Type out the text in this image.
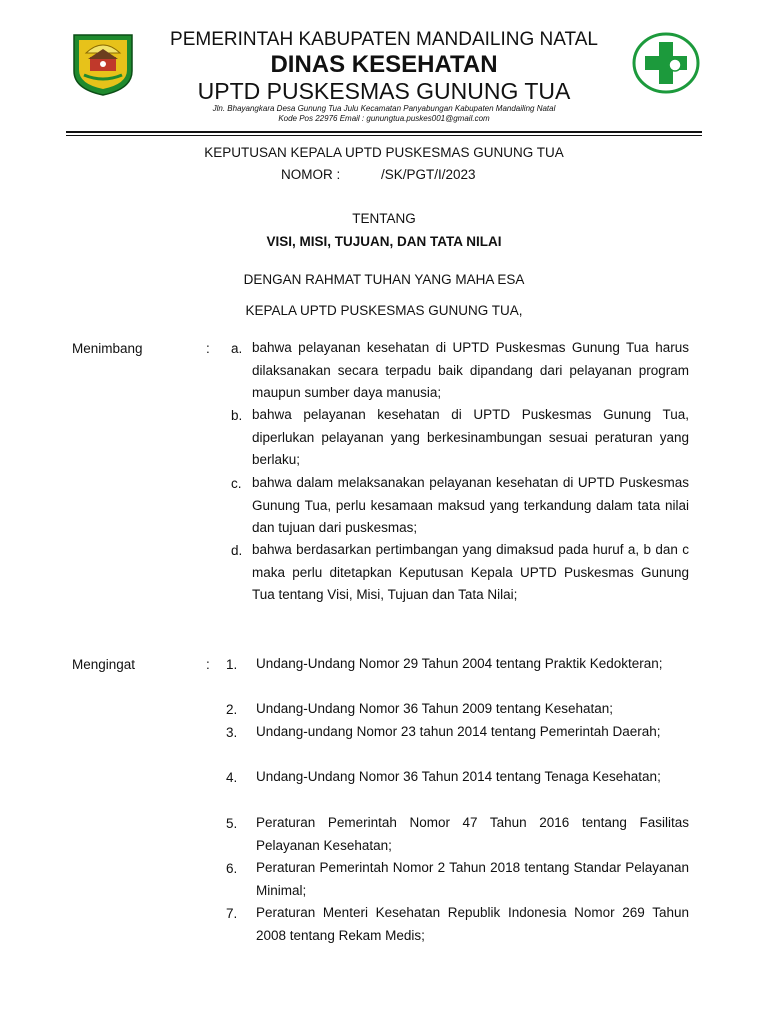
PEMERINTAH KABUPATEN MANDAILING NATAL
DINAS KESEHATAN
UPTD PUSKESMAS GUNUNG TUA
Jln. Bhayangkara Desa Gunung Tua Julu Kecamatan Panyabungan Kabupaten Mandailing Natal
Kode Pos 22976 Email : gunungtua.puskes001@gmail.com
KEPUTUSAN KEPALA UPTD PUSKESMAS GUNUNG TUA
NOMOR :	/SK/PGT/I/2023
TENTANG
VISI, MISI, TUJUAN, DAN TATA NILAI
DENGAN RAHMAT TUHAN YANG MAHA ESA
KEPALA UPTD PUSKESMAS GUNUNG TUA,
Menimbang	: a. bahwa pelayanan kesehatan di UPTD Puskesmas Gunung Tua harus dilaksanakan secara terpadu baik dipandang dari pelayanan program maupun sumber daya manusia;
b. bahwa pelayanan kesehatan di UPTD Puskesmas Gunung Tua, diperlukan pelayanan yang berkesinambungan sesuai peraturan yang berlaku;
c. bahwa dalam melaksanakan pelayanan kesehatan di UPTD Puskesmas Gunung Tua, perlu kesamaan maksud yang terkandung dalam tata nilai dan tujuan dari puskesmas;
d. bahwa berdasarkan pertimbangan yang dimaksud pada huruf a, b dan c maka perlu ditetapkan Keputusan Kepala UPTD Puskesmas Gunung Tua tentang Visi, Misi, Tujuan dan Tata Nilai;
Mengingat	: 1. Undang-Undang Nomor 29 Tahun 2004 tentang Praktik Kedokteran;
2. Undang-Undang Nomor 36 Tahun 2009 tentang Kesehatan;
3. Undang-undang Nomor 23 tahun 2014 tentang Pemerintah Daerah;
4. Undang-Undang Nomor 36 Tahun 2014 tentang Tenaga Kesehatan;
5. Peraturan Pemerintah Nomor 47 Tahun 2016 tentang Fasilitas Pelayanan Kesehatan;
6. Peraturan Pemerintah Nomor 2 Tahun 2018 tentang Standar Pelayanan Minimal;
7. Peraturan Menteri Kesehatan Republik Indonesia Nomor 269 Tahun 2008 tentang Rekam Medis;
